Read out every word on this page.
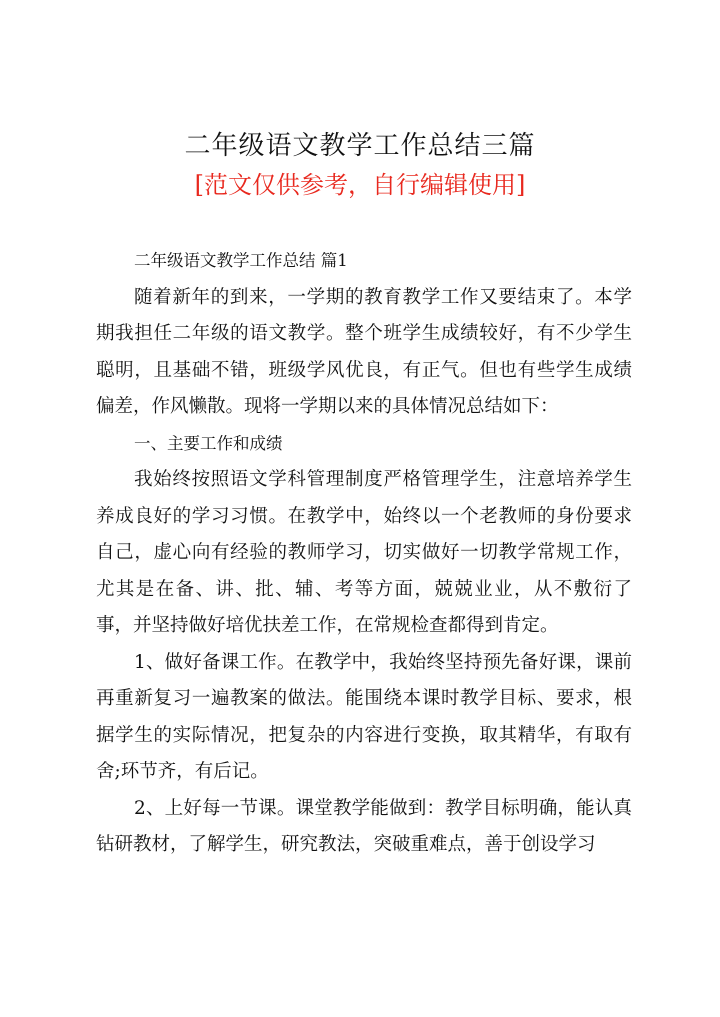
二年级语文教学工作总结三篇
[范文仅供参考，自行编辑使用]

二年级语文教学工作总结 篇1

随着新年的到来，一学期的教育教学工作又要结束了。本学期我担任二年级的语文教学。整个班学生成绩较好，有不少学生聪明，且基础不错，班级学风优良，有正气。但也有些学生成绩偏差，作风懒散。现将一学期以来的具体情况总结如下：

一、主要工作和成绩

我始终按照语文学科管理制度严格管理学生，注意培养学生养成良好的学习习惯。在教学中，始终以一个老教师的身份要求自己，虚心向有经验的教师学习，切实做好一切教学常规工作，尤其是在备、讲、批、辅、考等方面，兢兢业业，从不敷衍了事，并坚持做好培优扶差工作，在常规检查都得到肯定。

1、做好备课工作。在教学中，我始终坚持预先备好课，课前再重新复习一遍教案的做法。能围绕本课时教学目标、要求，根据学生的实际情况，把复杂的内容进行变换，取其精华，有取有舍;环节齐，有后记。

2、上好每一节课。课堂教学能做到：教学目标明确，能认真钻研教材，了解学生，研究教法，突破重难点，善于创设学习
